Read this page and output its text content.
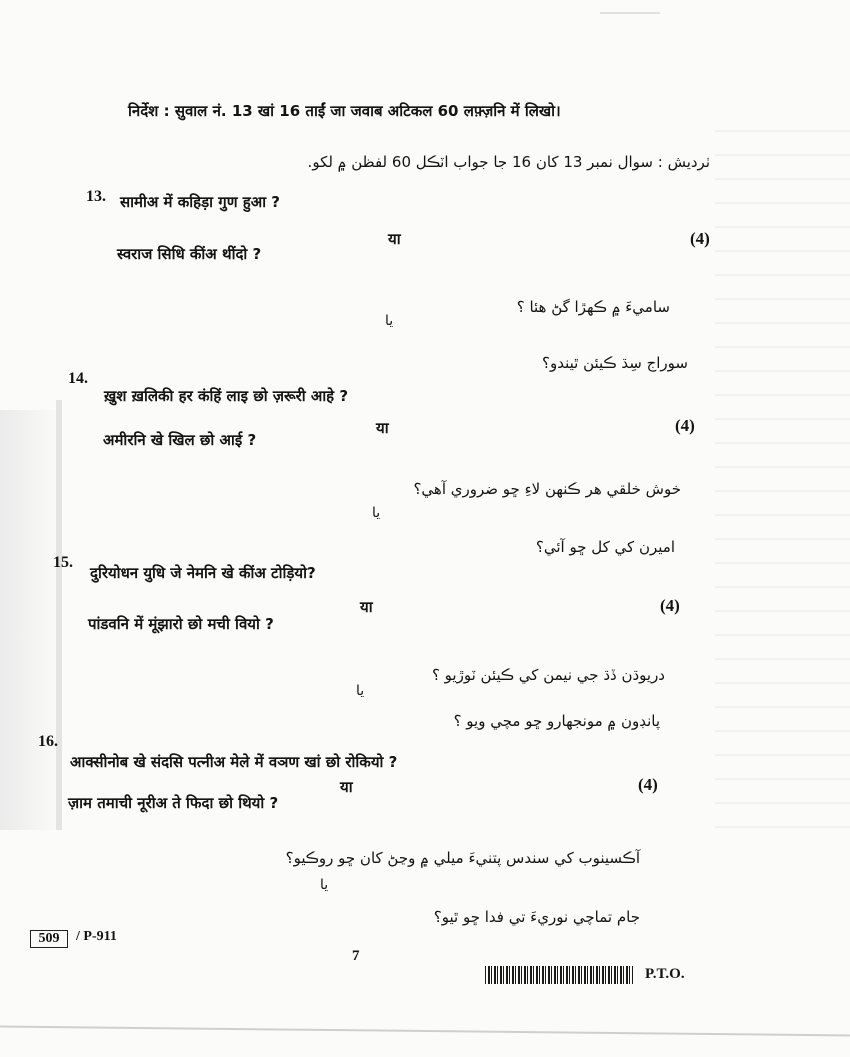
निर्देश : सुवाल नं. 13 खां 16 ताईं जा जवाब अटिकल 60 लफ़्ज़नि में लिखो।
ٺرديش : سوال نمبر 13 کان 16 جا جواب اٽڪل 60 لفظن ۾ لکو.
13. सामीअ में कहिड़ा गुण हुआ ?
या	(4)
स्वराज सिधि कींअ थींदो ?
ساميءَ ۾ ڪهڙا گڻ هئا ؟
يا
سوراج سِڌ ڪيئن ٿيندو؟
14.
ख़ुश ख़लिकी हर कंहिं लाइ छो ज़रूरी आहे ?
या	(4)
अमीरनि खे खिल छो आई ?
خوش خلقي هر ڪنهن لاءِ ڇو ضروري آهي؟
يا
اميرن کي کل ڇو آئي؟
15.
दुरियोधन युधि जे नेमनि खे कींअ टोड़ियो?
या	(4)
पांडवनि में मूंझारो छो मची वियो ?
دريوڌن ڏڌ جي نيمن کي ڪيئن ٽوڙيو ؟
يا
پانڊون ۾ مونجهارو ڇو مچي ويو ؟
16.
आक्सीनोब खे संदसि पत्नीअ मेले में वञण खां छो रोकियो ?
या	(4)
ज़ाम तमाची नूरीअ ते फिदा छो थियो ?
آڪسينوب کي سندس پتنيءَ ميلي ۾ وڃڻ کان ڇو روڪيو؟
يا
جام تماچي نوريءَ تي فدا ڇو ٿيو؟
509	/ P-911
7
P.T.O.
